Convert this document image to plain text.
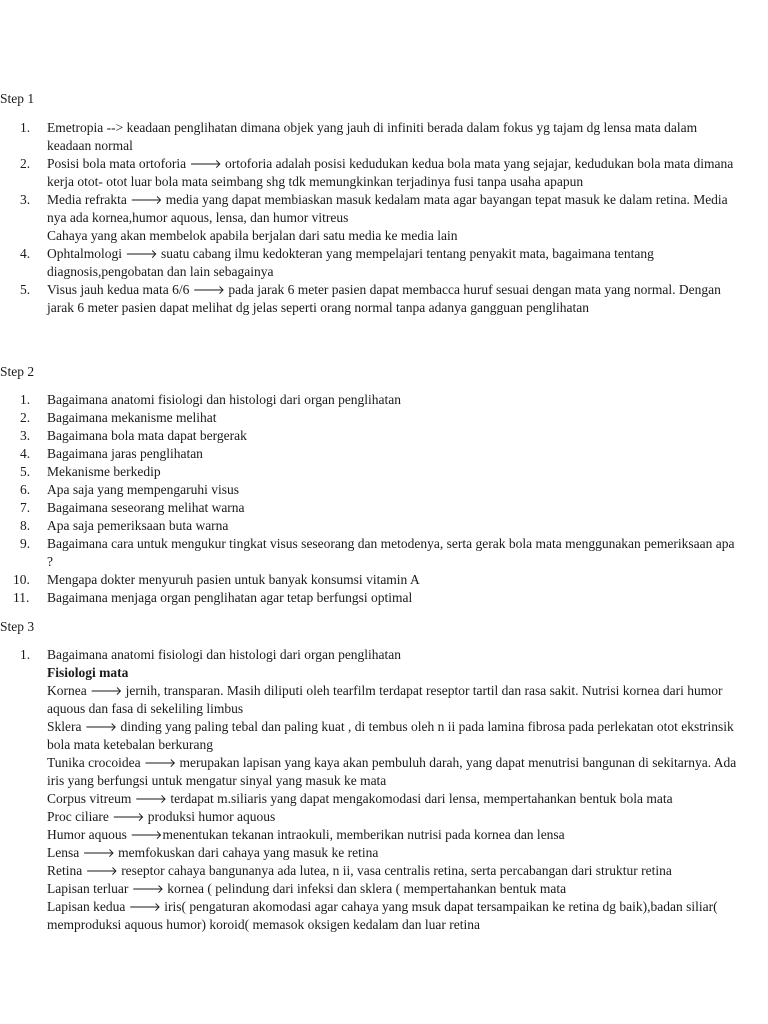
Step 1
1.	Emetropia --> keadaan penglihatan dimana objek yang jauh di infiniti berada dalam fokus yg tajam dg lensa mata dalam keadaan normal
2.	Posisi bola mata ortoforia 🡒 ortoforia adalah posisi kedudukan kedua bola mata yang sejajar, kedudukan bola mata dimana kerja otot- otot luar bola mata seimbang shg tdk memungkinkan terjadinya fusi tanpa usaha apapun
3.	Media refrakta 🡒 media yang dapat membiaskan masuk kedalam mata agar bayangan tepat masuk ke dalam retina. Media nya ada kornea,humor aquous, lensa, dan humor vitreus
Cahaya yang akan membelok apabila berjalan dari satu media ke media lain
4.	Ophtalmologi 🡒 suatu cabang ilmu kedokteran yang mempelajari tentang penyakit mata, bagaimana tentang diagnosis,pengobatan dan lain sebagainya
5.	Visus jauh kedua mata 6/6 🡒 pada jarak 6 meter pasien dapat membacca huruf sesuai dengan mata yang normal. Dengan jarak 6 meter pasien dapat melihat dg jelas seperti orang normal tanpa adanya gangguan penglihatan
Step 2
1.	Bagaimana anatomi fisiologi dan histologi dari organ penglihatan
2.	Bagaimana mekanisme melihat
3.	Bagaimana bola mata dapat bergerak
4.	Bagaimana jaras penglihatan
5.	Mekanisme berkedip
6.	Apa saja yang mempengaruhi visus
7.	Bagaimana seseorang melihat warna
8.	Apa saja pemeriksaan buta warna
9.	Bagaimana cara untuk mengukur tingkat visus seseorang dan metodenya, serta gerak bola mata menggunakan pemeriksaan apa ?
10.	Mengapa dokter menyuruh pasien untuk banyak konsumsi vitamin A
11.	Bagaimana menjaga organ penglihatan agar tetap berfungsi optimal
Step 3
1.	Bagaimana anatomi fisiologi dan histologi dari organ penglihatan
Fisiologi mata
Kornea 🡒 jernih, transparan. Masih diliputi oleh tearfilm terdapat reseptor tartil dan rasa sakit. Nutrisi kornea dari humor aquous dan fasa di sekeliling limbus
Sklera 🡒 dinding yang paling tebal dan paling kuat , di tembus oleh n ii pada lamina fibrosa pada perlekatan otot ekstrinsik bola mata ketebalan berkurang
Tunika crocoidea 🡒 merupakan lapisan yang kaya akan pembuluh darah, yang dapat menutrisi bangunan di sekitarnya. Ada iris yang berfungsi untuk mengatur sinyal yang masuk ke mata
Corpus vitreum 🡒 terdapat m.siliaris yang dapat mengakomodasi dari lensa, mempertahankan bentuk bola mata
Proc ciliare 🡒 produksi humor aquous
Humor aquous 🡒menentukan tekanan intraokuli, memberikan nutrisi pada kornea dan lensa
Lensa 🡒 memfokuskan dari cahaya yang masuk ke retina
Retina 🡒 reseptor cahaya bangunanya ada lutea, n ii, vasa centralis retina, serta percabangan dari struktur retina
Lapisan terluar 🡒 kornea ( pelindung dari infeksi dan sklera ( mempertahankan bentuk mata
Lapisan kedua 🡒 iris( pengaturan akomodasi agar cahaya yang msuk dapat tersampaikan ke retina dg baik),badan siliar( memproduksi aquous humor) koroid( memasok oksigen kedalam dan luar retina
